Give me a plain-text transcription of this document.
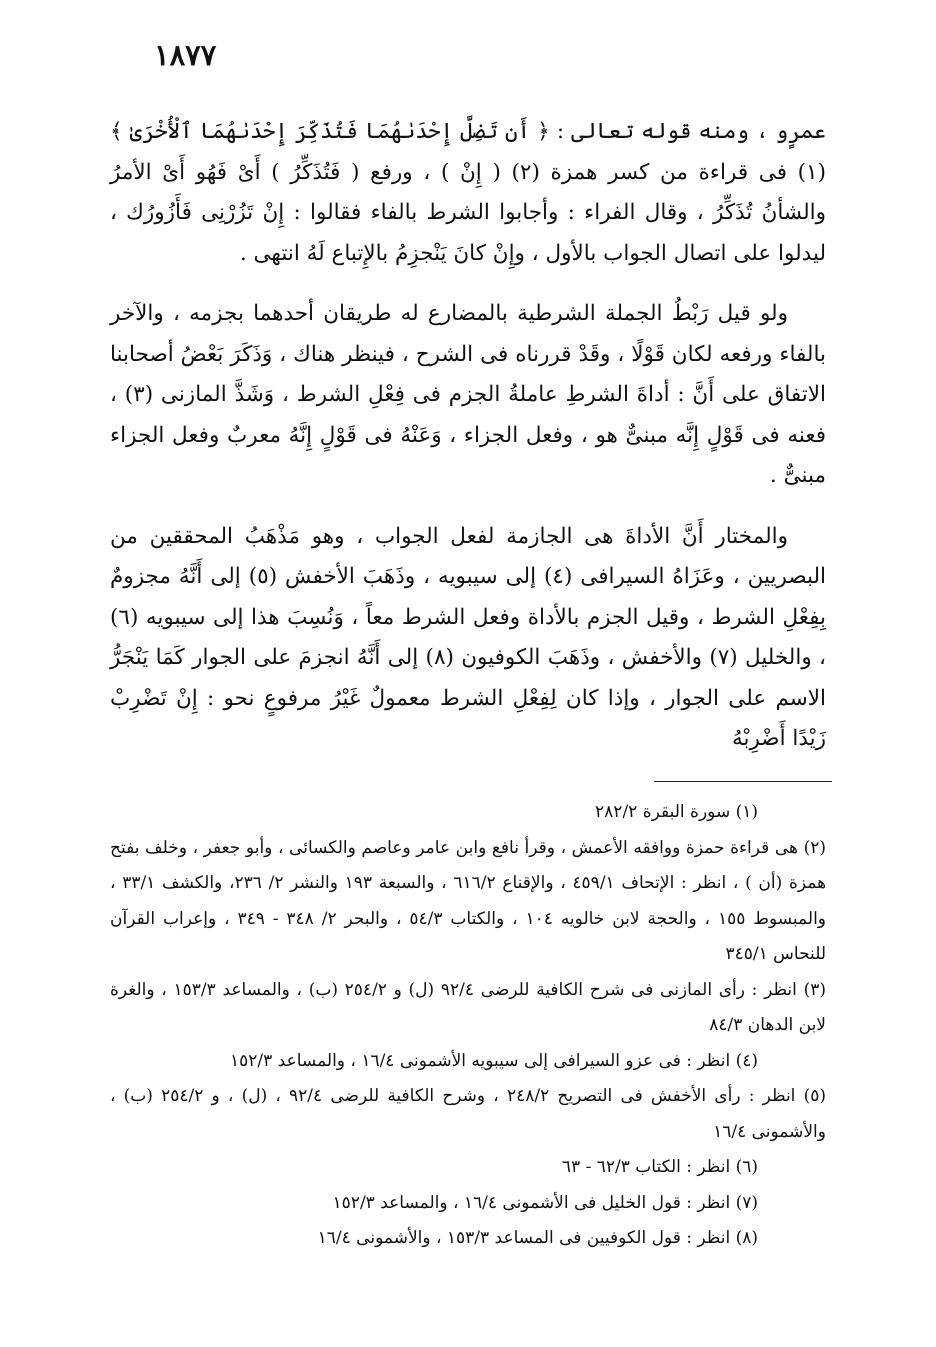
١٨٧٧

عمرٍو ، ومنه قوله تعالى : ﴿ أَن تَضِلَّ إِحْدَىٰهُمَا فَتُذَكِّرَ إِحْدَىٰهُمَا ٱلْأُخْرَىٰ ﴾ (١) فى قراءة من كسر همزة (٢) ( إِنْ ) ، ورفع ( فَتُذَكِّرُ ) أَىْ فَهُو أَىْ الأمرُ والشأنُ تُذَكِّرُ ، وقال الفراء : وأجابوا الشرط بالفاء فقالوا : إِنْ تَزُرْنِى فَأَزُورُك ، ليدلوا على اتصال الجواب بالأول ، وإِنْ كانَ يَنْجزِمُ بالإِتباع لَهُ انتهى .

ولو قيل رَبْطُ الجملة الشرطية بالمضارع له طريقان أحدهما بجزمه ، والآخر بالفاء ورفعه لكان قَوْلًا ، وقَدْ قررناه فى الشرح ، فينظر هناك ، وَذَكَرَ بَعْضُ أصحابنا الاتفاق على أَنَّ : أداةَ الشرطِ عاملةُ الجزم فى فِعْلِ الشرط ، وَشَذَّ المازنى (٣) ، فعنه فى قَوْلٍ إِنَّه مبنىٌّ هو ، وفعل الجزاء ، وَعَنْهُ فى قَوْلٍ إِنَّهُ معربٌ وفعل الجزاء مبنىٌّ .

والمختار أَنَّ الأداةَ هى الجازمة لفعل الجواب ، وهو مَذْهَبُ المحققين من البصريين ، وعَزَاهُ السيرافى (٤) إلى سيبويه ، وذَهَبَ الأخفش (٥) إلى أَنَّهُ مجزومٌ بِفِعْلِ الشرط ، وقيل الجزم بالأداة وفعل الشرط معاً ، وَنُسِبَ هذا إلى سيبويه (٦) ، والخليل (٧) والأخفش ، وذَهَبَ الكوفيون (٨) إلى أَنَّهُ انجزمَ على الجوار كَمَا يَنْجَرُّ الاسم على الجوار ، وإذا كان لِفِعْلِ الشرط معمولٌ غَيْرُ مرفوعٍ نحو : إِنْ تَضْرِبْ زَيْدًا أَضْرِبْهُ

(١) سورة البقرة ٢٨٢/٢

(٢) هى قراءة حمزة ووافقه الأعمش ، وقرأ نافع وابن عامر وعاصم والكسائى ، وأبو جعفر ، وخلف بفتح همزة (أن ) ، انظر : الإتحاف ٤٥٩/١ ، والإقناع ٦١٦/٢ ، والسبعة ١٩٣ والنشر ٢/ ٢٣٦، والكشف ٣٣/١ ، والمبسوط ١٥٥ ، والحجة لابن خالويه ١٠٤ ، والكتاب ٥٤/٣ ، والبحر ٢/ ٣٤٨ - ٣٤٩ ، وإعراب القرآن للنحاس ٣٤٥/١

(٣) انظر : رأى المازنى فى شرح الكافية للرضى ٩٢/٤ (ل) و ٢٥٤/٢ (ب) ، والمساعد ١٥٣/٣ ، والغرة لابن الدهان ٨٤/٣

(٤) انظر : فى عزو السيرافى إلى سيبويه الأشمونى ١٦/٤ ، والمساعد ١٥٢/٣

(٥) انظر : رأى الأخفش فى التصريح ٢٤٨/٢ ، وشرح الكافية للرضى ٩٢/٤ ، (ل) ، و ٢٥٤/٢ (ب) ، والأشمونى ١٦/٤

(٦) انظر : الكتاب ٦٢/٣ - ٦٣

(٧) انظر : قول الخليل فى الأشمونى ١٦/٤ ، والمساعد ١٥٢/٣

(٨) انظر : قول الكوفيين فى المساعد ١٥٣/٣ ، والأشمونى ١٦/٤
